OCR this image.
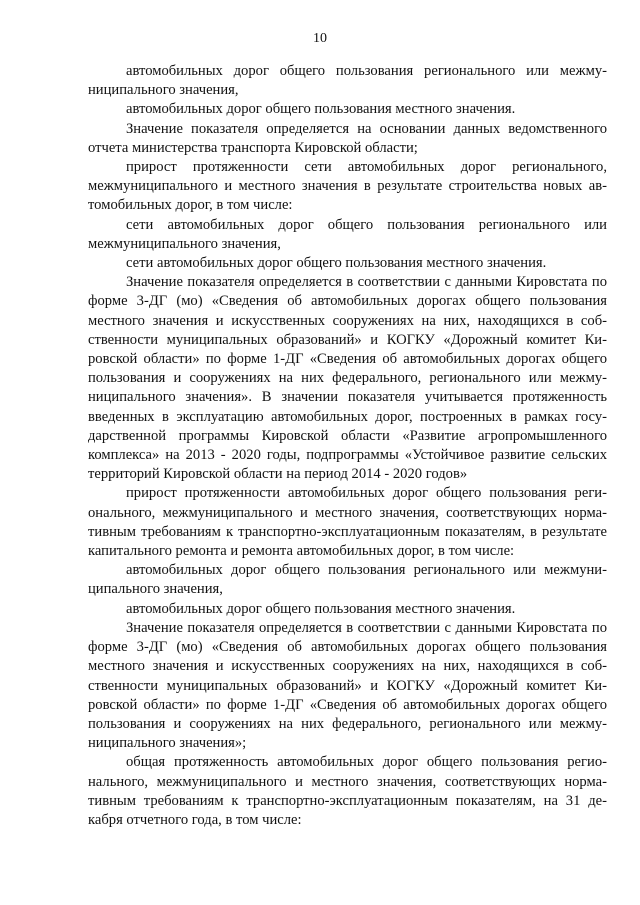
10

автомобильных дорог общего пользования регионального или межмуниципального значения,

автомобильных дорог общего пользования местного значения.

Значение показателя определяется на основании данных ведомственного отчета министерства транспорта Кировской области;

прирост протяженности сети автомобильных дорог регионального, межмуниципального и местного значения в результате строительства новых автомобильных дорог, в том числе:

сети автомобильных дорог общего пользования регионального или межмуниципального значения,

сети автомобильных дорог общего пользования местного значения.

Значение показателя определяется в соответствии с данными Кировстата по форме 3-ДГ (мо) «Сведения об автомобильных дорогах общего пользования местного значения и искусственных сооружениях на них, находящихся в собственности муниципальных образований» и КОГКУ «Дорожный комитет Кировской области» по форме 1-ДГ «Сведения об автомобильных дорогах общего пользования и сооружениях на них федерального, регионального или межмуниципального значения». В значении показателя учитывается протяженность введенных в эксплуатацию автомобильных дорог, построенных в рамках государственной программы Кировской области «Развитие агропромышленного комплекса» на 2013 - 2020 годы, подпрограммы «Устойчивое развитие сельских территорий Кировской области на период 2014 - 2020 годов»

прирост протяженности автомобильных дорог общего пользования регионального, межмуниципального и местного значения, соответствующих нормативным требованиям к транспортно-эксплуатационным показателям, в результате капитального ремонта и ремонта автомобильных дорог, в том числе:

автомобильных дорог общего пользования регионального или межмуниципального значения,

автомобильных дорог общего пользования местного значения.

Значение показателя определяется в соответствии с данными Кировстата по форме 3-ДГ (мо) «Сведения об автомобильных дорогах общего пользования местного значения и искусственных сооружениях на них, находящихся в собственности муниципальных образований» и КОГКУ «Дорожный комитет Кировской области» по форме 1-ДГ «Сведения об автомобильных дорогах общего пользования и сооружениях на них федерального, регионального или межмуниципального значения»;

общая протяженность автомобильных дорог общего пользования регионального, межмуниципального и местного значения, соответствующих нормативным требованиям к транспортно-эксплуатационным показателям, на 31 декабря отчетного года, в том числе:
